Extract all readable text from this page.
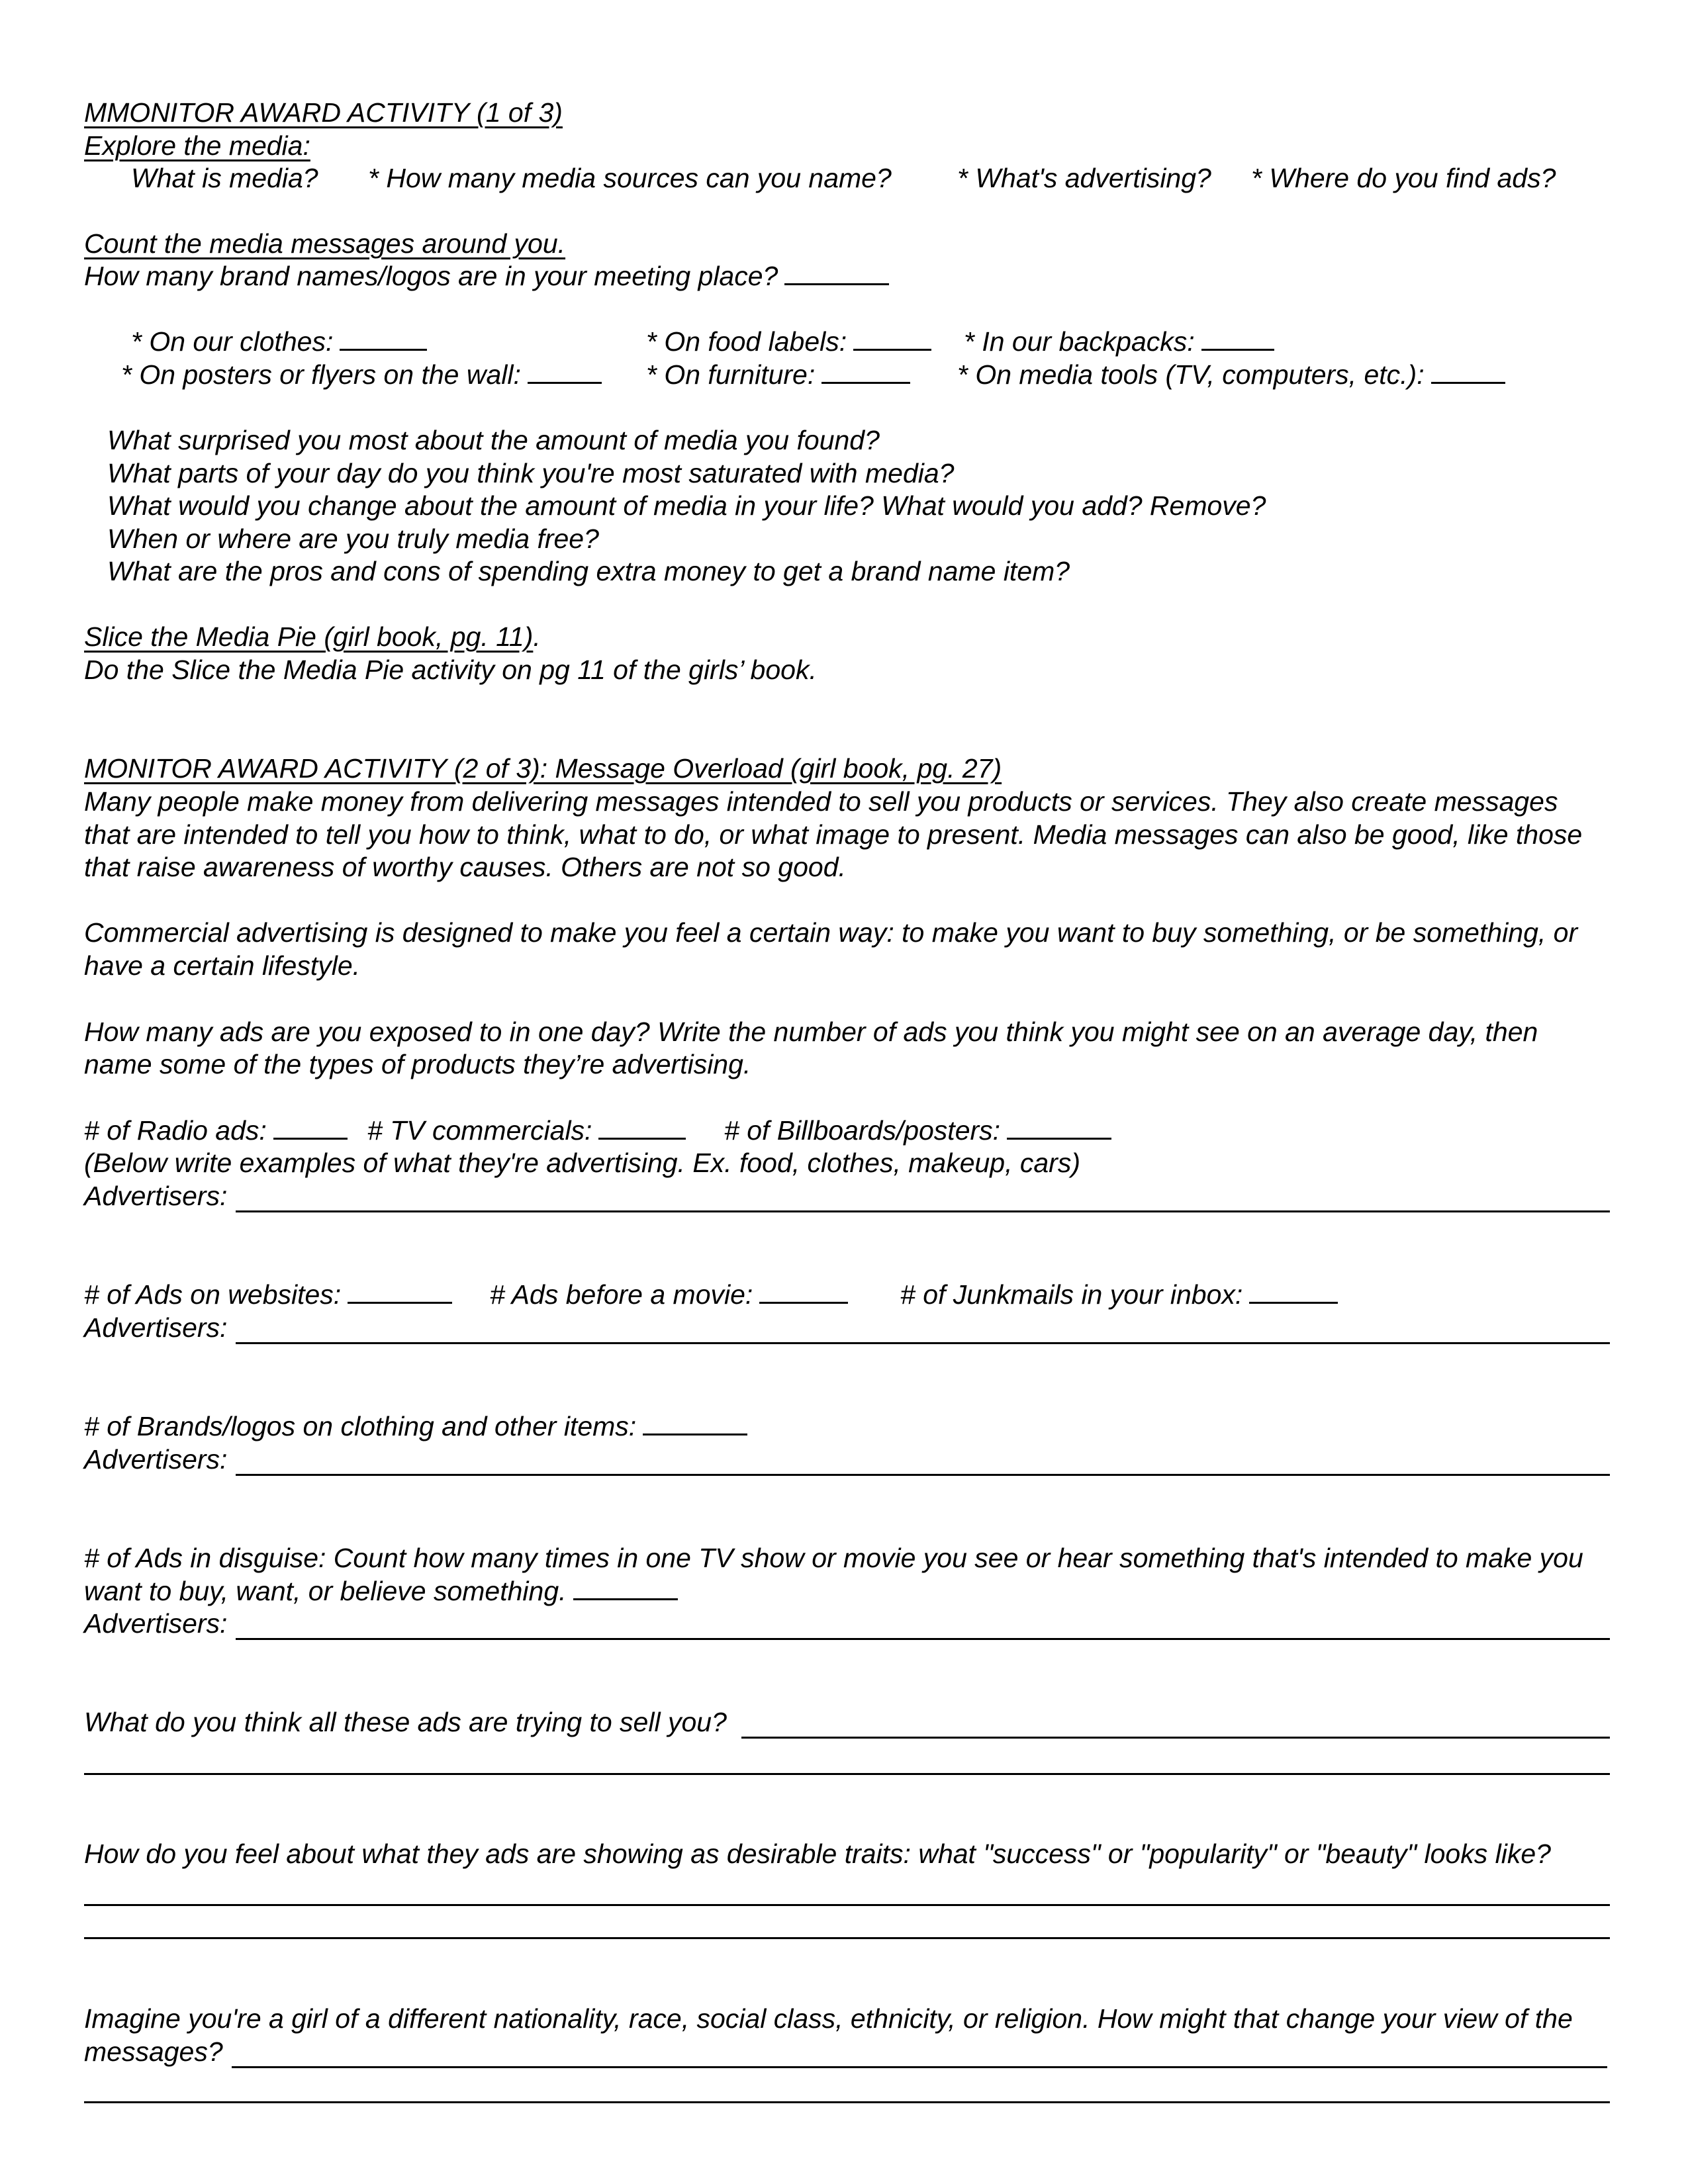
MMONITOR AWARD ACTIVITY (1 of 3)
Explore the media:
What is media? * How many media sources can you name? * What's advertising? * Where do you find ads?
Count the media messages around you.
How many brand names/logos are in your meeting place?
* On our clothes:	* On food labels:	* In our backpacks:
* On posters or flyers on the wall:	* On furniture:	* On media tools (TV, computers, etc.):
What surprised you most about the amount of media you found?
What parts of your day do you think you're most saturated with media?
What would you change about the amount of media in your life? What would you add? Remove?
When or where are you truly media free?
What are the pros and cons of spending extra money to get a brand name item?
Slice the Media Pie (girl book, pg. 11).
Do the Slice the Media Pie activity on pg 11 of the girls’ book.
MONITOR AWARD ACTIVITY (2 of 3): Message Overload (girl book, pg. 27)
Many people make money from delivering messages intended to sell you products or services. They also create messages
that are intended to tell you how to think, what to do, or what image to present. Media messages can also be good, like those
that raise awareness of worthy causes. Others are not so good.
Commercial advertising is designed to make you feel a certain way: to make you want to buy something, or be something, or
have a certain lifestyle.
How many ads are you exposed to in one day? Write the number of ads you think you might see on an average day, then
name some of the types of products they’re advertising.
# of Radio ads:	# TV commercials:	# of Billboards/posters:
(Below write examples of what they're advertising. Ex. food, clothes, makeup, cars)
Advertisers:
# of Ads on websites:	# Ads before a movie:	# of Junkmails in your inbox:
Advertisers:
# of Brands/logos on clothing and other items:
Advertisers:
# of Ads in disguise: Count how many times in one TV show or movie you see or hear something that's intended to make you
want to buy, want, or believe something.
Advertisers:
What do you think all these ads are trying to sell you?
How do you feel about what they ads are showing as desirable traits: what "success" or "popularity" or "beauty" looks like?
Imagine you're a girl of a different nationality, race, social class, ethnicity, or religion. How might that change your view of the
messages?
